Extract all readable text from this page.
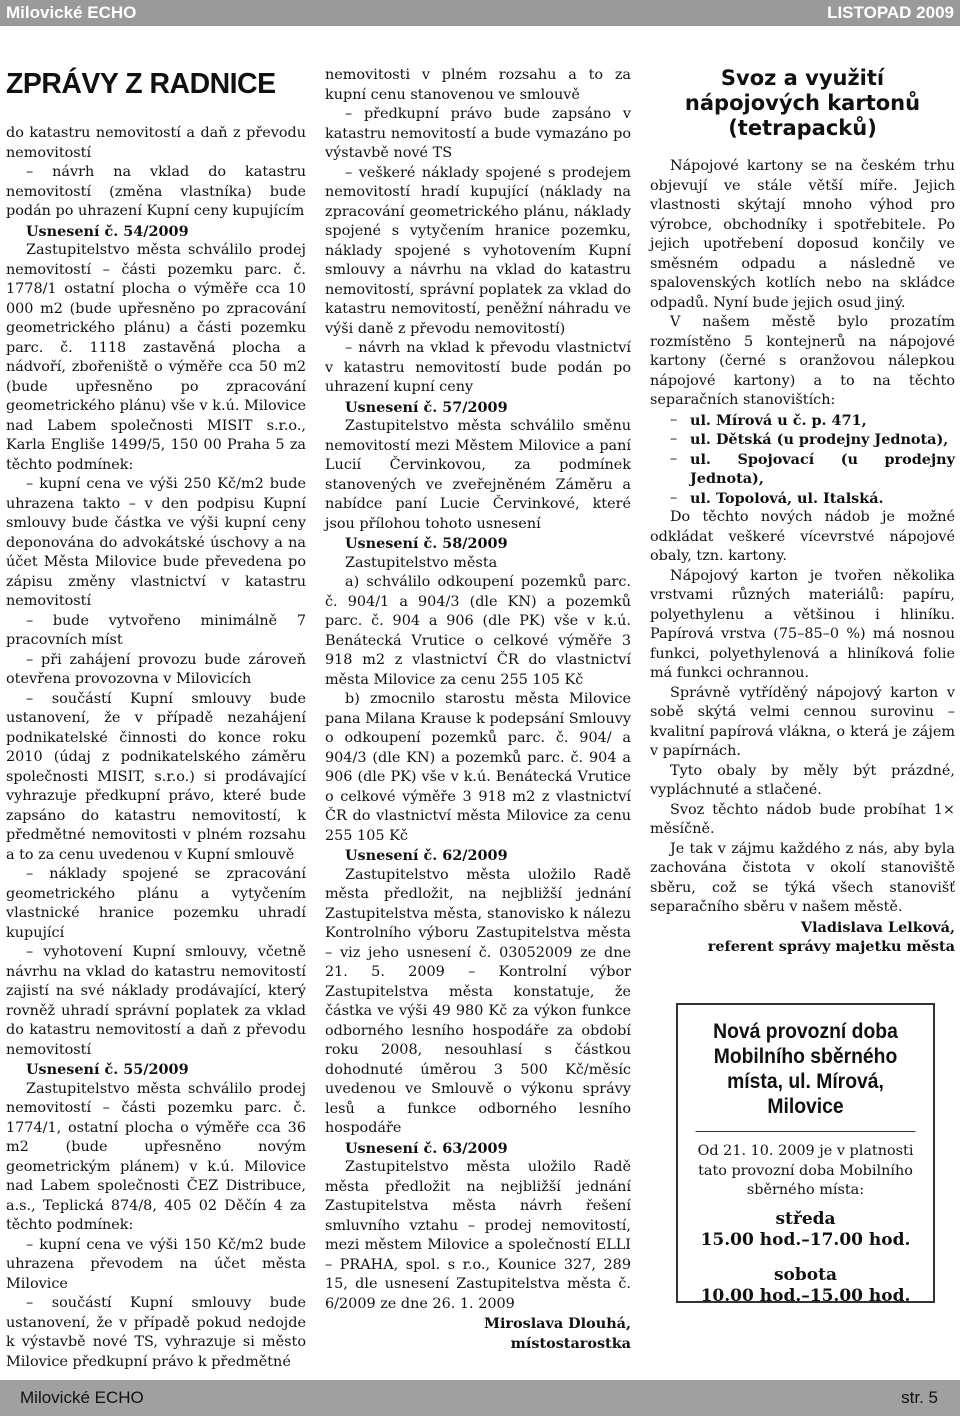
Milovické ECHO	LISTOPAD 2009
ZPRÁVY Z RADNICE

do katastru nemovitostí a daň z převodu nemovitostí

– návrh na vklad do katastru nemovitostí (změna vlastníka) bude podán po uhrazení Kupní ceny kupujícím

Usnesení č. 54/2009

Zastupitelstvo města schválilo prodej nemovitostí – části pozemku parc. č. 1778/1 ostatní plocha o výměře cca 10 000 m2 (bude upřesněno po zpracování geometrického plánu) a části pozemku parc. č. 1118 zastavěná plocha a nádvoří, zbořeniště o výměře cca 50 m2 (bude upřesněno po zpracování geometrického plánu) vše v k.ú. Milovice nad Labem společnosti MISIT s.r.o., Karla Engliše 1499/5, 150 00 Praha 5 za těchto podmínek:

– kupní cena ve výši 250 Kč/m2 bude uhrazena takto – v den podpisu Kupní smlouvy bude částka ve výši kupní ceny deponována do advokátské úschovy a na účet Města Milovice bude převedena po zápisu změny vlastnictví v katastru nemovitostí

– bude vytvořeno minimálně 7 pracovních míst

– při zahájení provozu bude zároveň otevřena provozovna v Milovicích

– součástí Kupní smlouvy bude ustanovení, že v případě nezahájení podnikatelské činnosti do konce roku 2010 (údaj z podnikatelského záměru společnosti MISIT, s.r.o.) si prodávající vyhrazuje předkupní právo, které bude zapsáno do katastru nemovitostí, k předmětné nemovitosti v plném rozsahu a to za cenu uvedenou v Kupní smlouvě

– náklady spojené se zpracování geometrického plánu a vytyčením vlastnické hranice pozemku uhradí kupující

– vyhotovení Kupní smlouvy, včetně návrhu na vklad do katastru nemovitostí zajistí na své náklady prodávající, který rovněž uhradí správní poplatek za vklad do katastru nemovitostí a daň z převodu nemovitostí

Usnesení č. 55/2009

Zastupitelstvo města schválilo prodej nemovitostí – části pozemku parc. č. 1774/1, ostatní plocha o výměře cca 36 m2 (bude upřesněno novým geometrickým plánem) v k.ú. Milovice nad Labem společnosti ČEZ Distribuce, a.s., Teplická 874/8, 405 02 Děčín 4 za těchto podmínek:

– kupní cena ve výši 150 Kč/m2 bude uhrazena převodem na účet města Milovice

– součástí Kupní smlouvy bude ustanovení, že v případě pokud nedojde k výstavbě nové TS, vyhrazuje si město Milovice předkupní právo k předmětné

nemovitosti v plném rozsahu a to za kupní cenu stanovenou ve smlouvě

– předkupní právo bude zapsáno v katastru nemovitostí a bude vymazáno po výstavbě nové TS

– veškeré náklady spojené s prodejem nemovitostí hradí kupující (náklady na zpracování geometrického plánu, náklady spojené s vytyčením hranice pozemku, náklady spojené s vyhotovením Kupní smlouvy a návrhu na vklad do katastru nemovitostí, správní poplatek za vklad do katastru nemovitostí, peněžní náhradu ve výši daně z převodu nemovitostí)

– návrh na vklad k převodu vlastnictví v katastru nemovitostí bude podán po uhrazení kupní ceny

Usnesení č. 57/2009

Zastupitelstvo města schválilo směnu nemovitostí mezi Městem Milovice a paní Lucií Červinkovou, za podmínek stanovených ve zveřejněném Záměru a nabídce paní Lucie Červinkové, které jsou přílohou tohoto usnesení

Usnesení č. 58/2009

Zastupitelstvo města

a) schválilo odkoupení pozemků parc. č. 904/1 a 904/3 (dle KN) a pozemků parc. č. 904 a 906 (dle PK) vše v k.ú. Benátecká Vrutice o celkové výměře 3 918 m2 z vlastnictví ČR do vlastnictví města Milovice za cenu 255 105 Kč

b) zmocnilo starostu města Milovice pana Milana Krause k podepsání Smlouvy o odkoupení pozemků parc. č. 904/ a 904/3 (dle KN) a pozemků parc. č. 904 a 906 (dle PK) vše v k.ú. Benátecká Vrutice o celkové výměře 3 918 m2 z vlastnictví ČR do vlastnictví města Milovice za cenu 255 105 Kč

Usnesení č. 62/2009

Zastupitelstvo města uložilo Radě města předložit, na nejbližší jednání Zastupitelstva města, stanovisko k nálezu Kontrolního výboru Zastupitelstva města – viz jeho usnesení č. 03052009 ze dne 21. 5. 2009 – Kontrolní výbor Zastupitelstva města konstatuje, že částka ve výši 49 980 Kč za výkon funkce odborného lesního hospodáře za období roku 2008, nesouhlasí s částkou dohodnuté úměrou 3 500 Kč/měsíc uvedenou ve Smlouvě o výkonu správy lesů a funkce odborného lesního hospodáře

Usnesení č. 63/2009

Zastupitelstvo města uložilo Radě města předložit na nejbližší jednání Zastupitelstva města návrh řešení smluvního vztahu – prodej nemovitostí, mezi městem Milovice a společností ELLI – PRAHA, spol. s r.o., Kounice 327, 289 15, dle usnesení Zastupitelstva města č. 6/2009 ze dne 26. 1. 2009

Miroslava Dlouhá,

místostarostka

Svoz a využití nápojových kartonů (tetrapacků)

Nápojové kartony se na českém trhu objevují ve stále větší míře. Jejich vlastnosti skýtají mnoho výhod pro výrobce, obchodníky i spotřebitele. Po jejich upotřebení doposud končily ve směsném odpadu a následně ve spalovenských kotlích nebo na skládce odpadů. Nyní bude jejich osud jiný.

V našem městě bylo prozatím rozmístěno 5 kontejnerů na nápojové kartony (černé s oranžovou nálepkou nápojové kartony) a to na těchto separačních stanovištích:

– ul. Mírová u č. p. 471,
– ul. Dětská (u prodejny Jednota),
– ul. Spojovací (u prodejny Jednota),
– ul. Topolová, ul. Italská.

Do těchto nových nádob je možné odkládat veškeré vícevrstvé nápojové obaly, tzn. kartony.

Nápojový karton je tvořen několika vrstvami různých materiálů: papíru, polyethylenu a většinou i hliníku. Papírová vrstva (75–85–0 %) má nosnou funkci, polyethylenová a hliníková folie má funkci ochrannou.

Správně vytříděný nápojový karton v sobě skýtá velmi cennou surovinu – kvalitní papírová vlákna, o která je zájem v papírnách.

Tyto obaly by měly být prázdné, vypláchnuté a stlačené.

Svoz těchto nádob bude probíhat 1× měsíčně.

Je tak v zájmu každého z nás, aby byla zachována čistota v okolí stanoviště sběru, což se týká všech stanovišť separačního sběru v našem městě.

Vladislava Lelková,

referent správy majetku města

Nová provozní doba Mobilního sběrného místa, ul. Mírová, Milovice
Od 21. 10. 2009 je v platnosti tato provozní doba Mobilního sběrného místa:
středa
15.00 hod.–17.00 hod.
sobota
10.00 hod.–15.00 hod.
Milovické ECHO	str. 5
